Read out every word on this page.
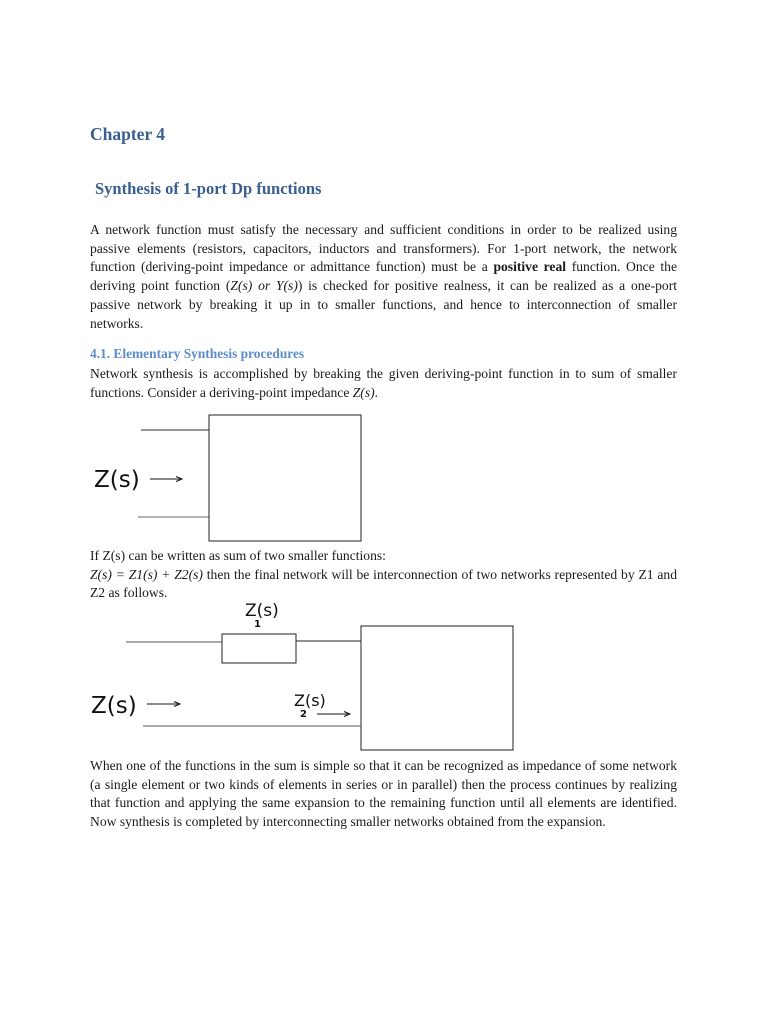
Chapter 4
Synthesis of 1-port Dp functions

A network function must satisfy the necessary and sufficient conditions in order to be realized using passive elements (resistors, capacitors, inductors and transformers). For 1-port network, the network function (deriving-point impedance or admittance function) must be a positive real function. Once the deriving point function (Z(s) or Y(s)) is checked for positive realness, it can be realized as a one-port passive network by breaking it up in to smaller functions, and hence to interconnection of smaller networks.

4.1. Elementary Synthesis procedures

Network synthesis is accomplished by breaking the given deriving-point function in to sum of smaller functions. Consider a deriving-point impedance Z(s).

Z(s)

If Z(s) can be written as sum of two smaller functions:
Z(s) = Z1(s) + Z2(s) then the final network will be interconnection of two networks represented by Z1 and Z2 as follows.

Z(s)
1
Z(s)	Z(s)
2

When one of the functions in the sum is simple so that it can be recognized as impedance of some network (a single element or two kinds of elements in series or in parallel) then the process continues by realizing that function and applying the same expansion to the remaining function until all elements are identified. Now synthesis is completed by interconnecting smaller networks obtained from the expansion.
